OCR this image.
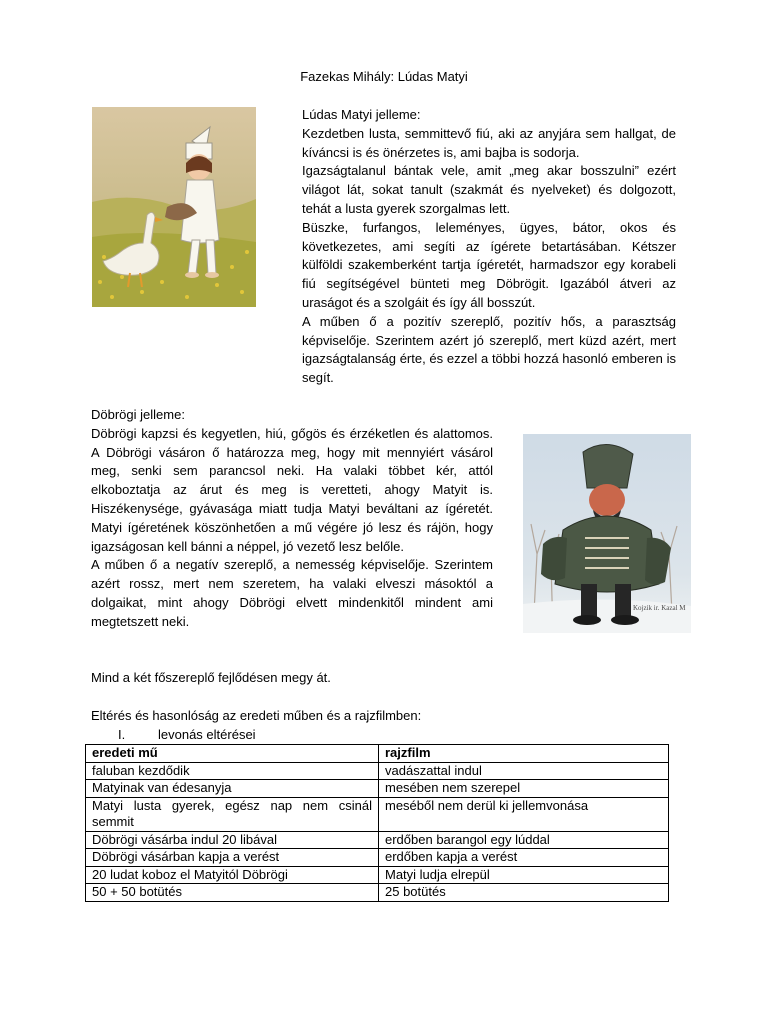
Fazekas Mihály: Lúdas Matyi

Lúdas Matyi jelleme:

Kezdetben lusta, semmittevő fiú, aki az anyjára sem hallgat, de kíváncsi is és önérzetes is, ami bajba is sodorja.

Igazságtalanul bántak vele, amit „meg akar bosszulni” ezért világot lát, sokat tanult (szakmát és nyelveket) és dolgozott, tehát a lusta gyerek szorgalmas lett.

Büszke, furfangos, leleményes, ügyes, bátor, okos és következetes, ami segíti az ígérete betartásában. Kétszer külföldi szakemberként tartja ígéretét, harmadszor egy korabeli fiú segítségével bünteti meg Döbrögit. Igazából átveri az uraságot és a szolgáit és így áll bosszút.

A műben ő a pozitív szereplő, pozitív hős, a parasztság képviselője. Szerintem azért jó szereplő, mert küzd azért, mert igazságtalanság érte, és ezzel a többi hozzá hasonló emberen is segít.

Döbrögi jelleme:

Döbrögi kapzsi és kegyetlen, hiú, gőgös és érzéketlen és alattomos. A Döbrögi vásáron ő határozza meg, hogy mit mennyiért vásárol meg, senki sem parancsol neki. Ha valaki többet kér, attól elkoboztatja az árut és meg is veretteti, ahogy Matyit is. Hiszékenysége, gyávasága miatt tudja Matyi beváltani az ígéretét. Matyi ígéretének köszönhetően a mű végére jó lesz és rájön, hogy igazságosan kell bánni a néppel, jó vezető lesz belőle.

A műben ő a negatív szereplő, a nemesség képviselője. Szerintem azért rossz, mert nem szeretem, ha valaki elveszi másoktól a dolgaikat, mint ahogy Döbrögi elvett mindenkitől mindent ami megtetszett neki.

Kojzik ir. Kazal M
Mind a két főszereplő fejlődésen megy át.
Eltérés és hasonlóság az eredeti műben és a rajzfilmben:
I.	levonás eltérései
eredeti mű	rajzfilm
faluban kezdődik	vadászattal indul
Matyinak van édesanyja	mesében nem szerepel
Matyi lusta gyerek, egész nap nem csinál semmit	meséből nem derül ki jellemvonása
Döbrögi vásárba indul 20 libával	erdőben barangol egy lúddal
Döbrögi vásárban kapja a verést	erdőben kapja a verést
20 ludat koboz el Matyitól Döbrögi	Matyi ludja elrepül
50 + 50 botütés	25 botütés
